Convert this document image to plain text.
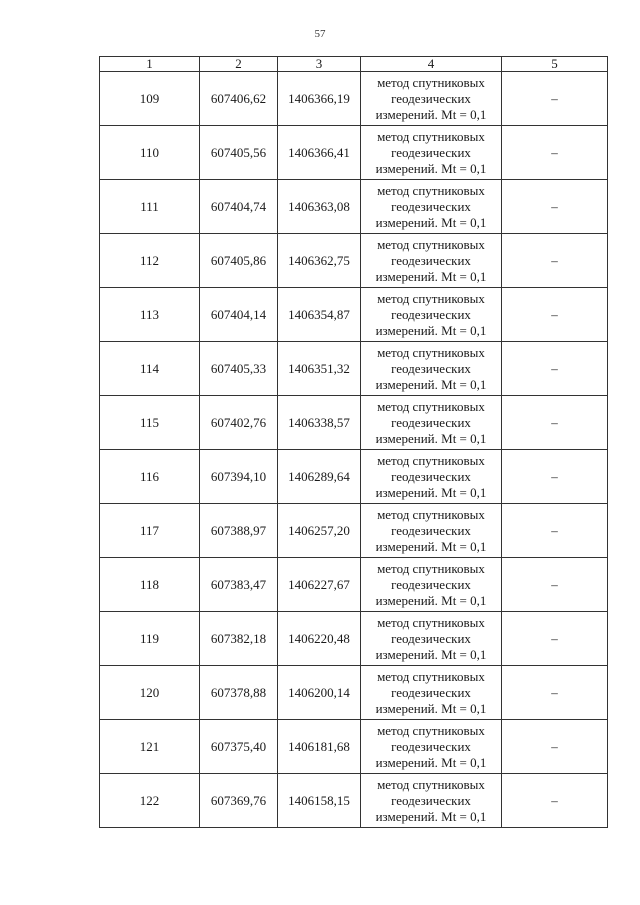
57
1	2	3	4	5
109	607406,62	1406366,19	метод спутниковых
геодезических
измерений. Mt = 0,1	–
110	607405,56	1406366,41	метод спутниковых
геодезических
измерений. Mt = 0,1	–
111	607404,74	1406363,08	метод спутниковых
геодезических
измерений. Mt = 0,1	–
112	607405,86	1406362,75	метод спутниковых
геодезических
измерений. Mt = 0,1	–
113	607404,14	1406354,87	метод спутниковых
геодезических
измерений. Mt = 0,1	–
114	607405,33	1406351,32	метод спутниковых
геодезических
измерений. Mt = 0,1	–
115	607402,76	1406338,57	метод спутниковых
геодезических
измерений. Mt = 0,1	–
116	607394,10	1406289,64	метод спутниковых
геодезических
измерений. Mt = 0,1	–
117	607388,97	1406257,20	метод спутниковых
геодезических
измерений. Mt = 0,1	–
118	607383,47	1406227,67	метод спутниковых
геодезических
измерений. Mt = 0,1	–
119	607382,18	1406220,48	метод спутниковых
геодезических
измерений. Mt = 0,1	–
120	607378,88	1406200,14	метод спутниковых
геодезических
измерений. Mt = 0,1	–
121	607375,40	1406181,68	метод спутниковых
геодезических
измерений. Mt = 0,1	–
122	607369,76	1406158,15	метод спутниковых
геодезических
измерений. Mt = 0,1	–
